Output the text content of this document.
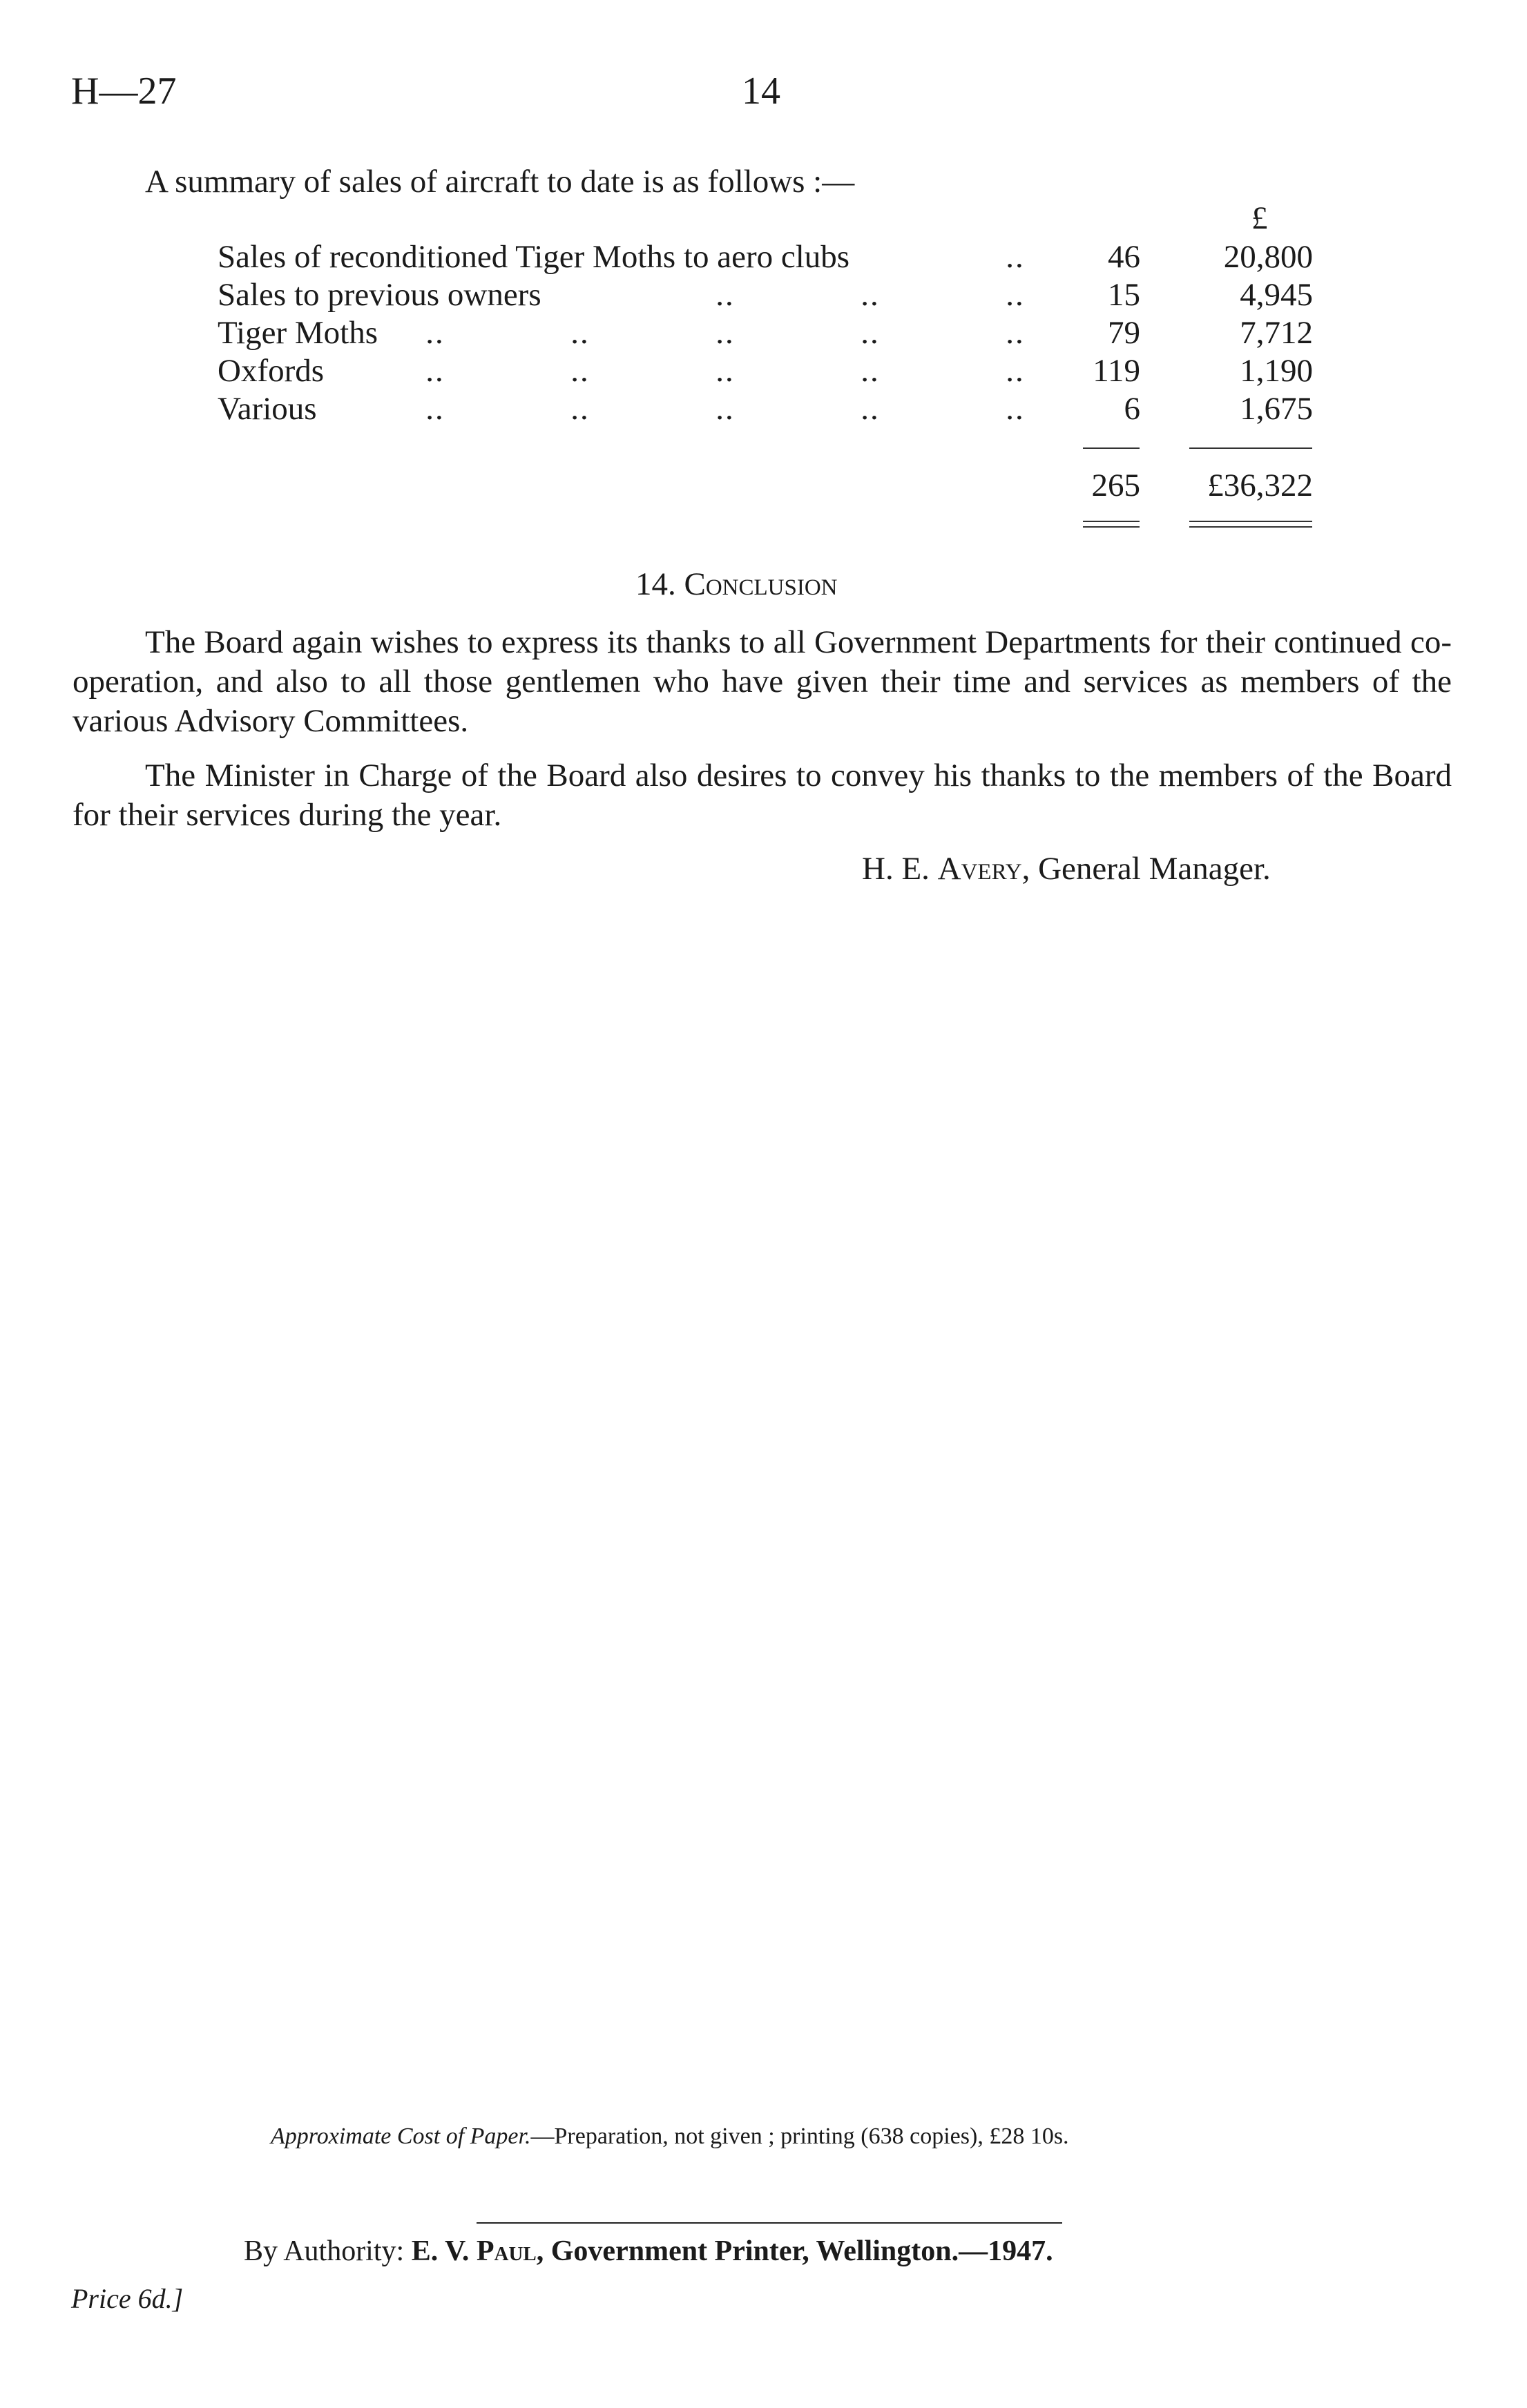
H—27	14
A summary of sales of aircraft to date is as follows :—
£
Sales of reconditioned Tiger Moths to aero clubs	..	46	20,800
Sales to previous owners	..	..	..	15	4,945
Tiger Moths ..	..	..	..	..	79	7,712
Oxfords	..	..	..	..	.. 119	1,190
Various	..	..	..	..	..	6	1,675
265 £36,322
14. Conclusion
The Board again wishes to express its thanks to all Government Departments for their continued co-operation, and also to all those gentlemen who have given their time and services as members of the various Advisory Committees.
The Minister in Charge of the Board also desires to convey his thanks to the members of the Board for their services during the year.
H. E. Avery, General Manager.
Approximate Cost of Paper.—Preparation, not given ; printing (638 copies), £28 10s.
By Authority: E. V. Paul, Government Printer, Wellington.—1947.
Price 6d.]
